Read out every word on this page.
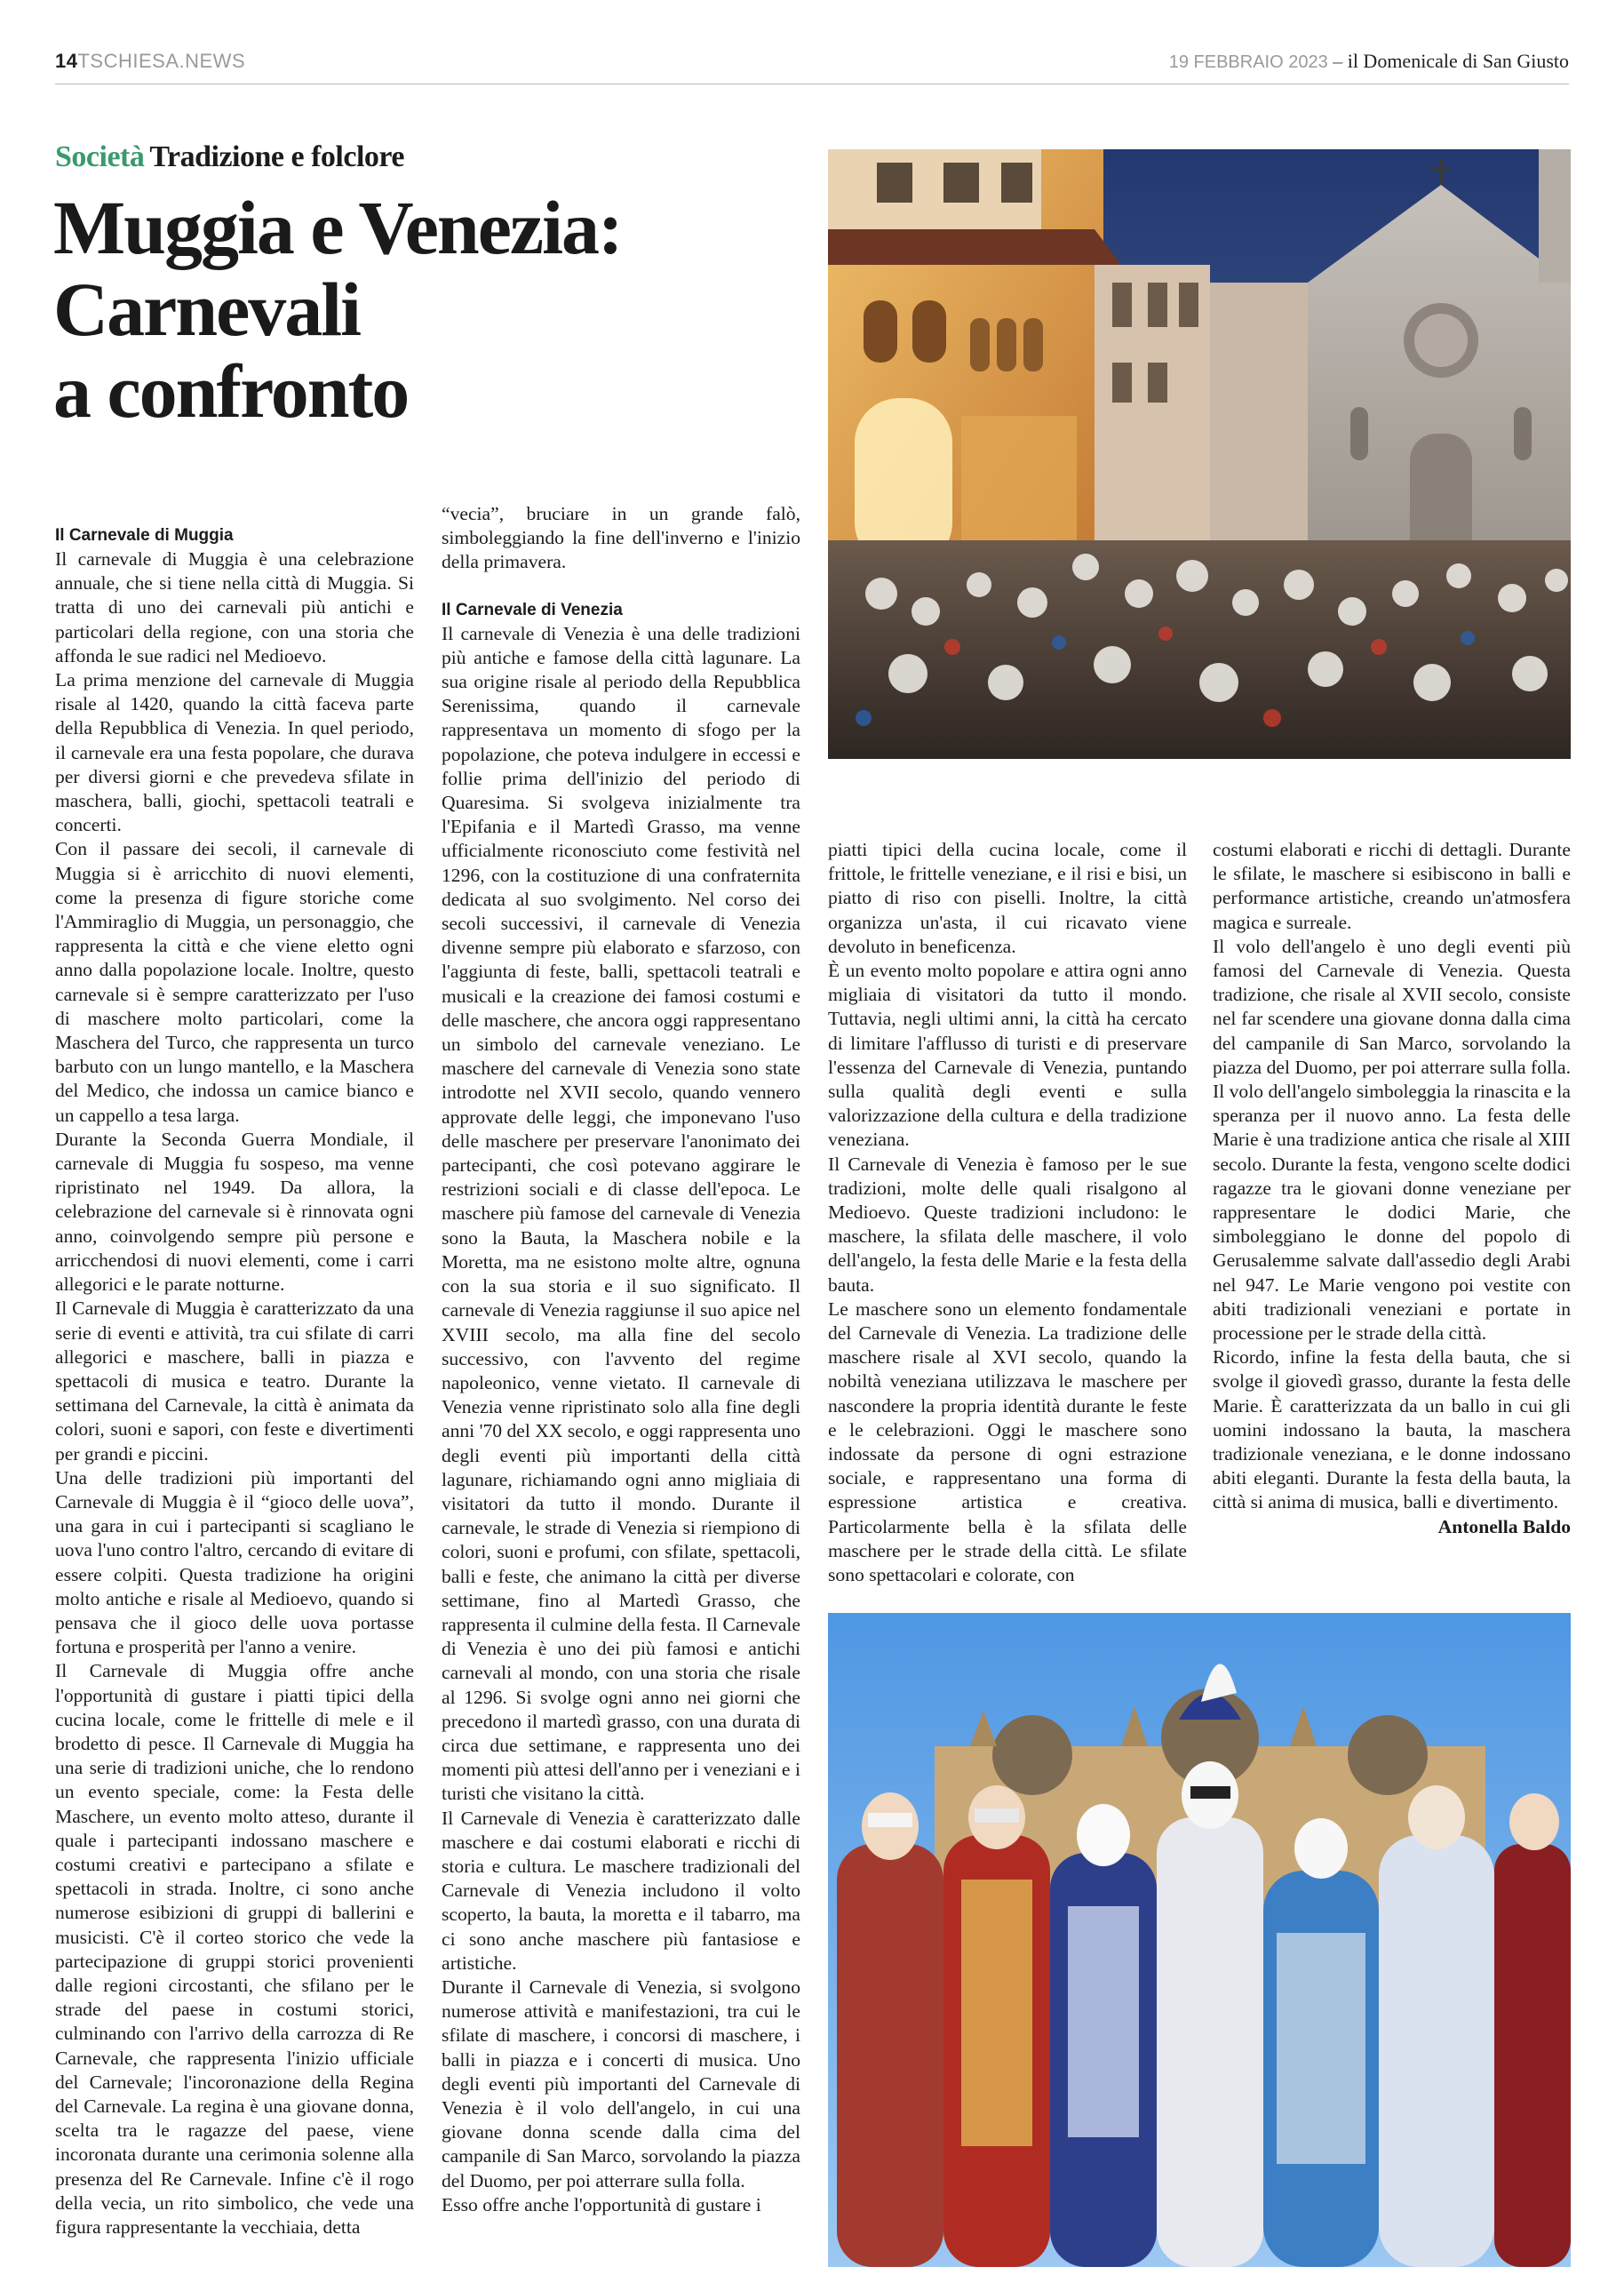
14TSCHIESA.NEWS	19 FEBBRAIO 2023 – il Domenicale di San Giusto
Società Tradizione e folclore
Muggia e Venezia:
Carnevali
a confronto

Il Carnevale di Muggia

Il carnevale di Muggia è una celebrazione annuale, che si tiene nella città di Muggia. Si tratta di uno dei carnevali più antichi e particolari della regione, con una storia che affonda le sue radici nel Medioevo.

La prima menzione del carnevale di Muggia risale al 1420, quando la città faceva parte della Repubblica di Venezia. In quel periodo, il carnevale era una festa popolare, che durava per diversi giorni e che prevedeva sfilate in maschera, balli, giochi, spettacoli teatrali e concerti.

Con il passare dei secoli, il carnevale di Muggia si è arricchito di nuovi elementi, come la presenza di figure storiche come l'Ammiraglio di Muggia, un personaggio, che rappresenta la città e che viene eletto ogni anno dalla popolazione locale. Inoltre, questo carnevale si è sempre caratterizzato per l'uso di maschere molto particolari, come la Maschera del Turco, che rappresenta un turco barbuto con un lungo mantello, e la Maschera del Medico, che indossa un camice bianco e un cappello a tesa larga.

Durante la Seconda Guerra Mondiale, il carnevale di Muggia fu sospeso, ma venne ripristinato nel 1949. Da allora, la celebrazione del carnevale si è rinnovata ogni anno, coinvolgendo sempre più persone e arricchendosi di nuovi elementi, come i carri allegorici e le parate notturne.

Il Carnevale di Muggia è caratterizzato da una serie di eventi e attività, tra cui sfilate di carri allegorici e maschere, balli in piazza e spettacoli di musica e teatro. Durante la settimana del Carnevale, la città è animata da colori, suoni e sapori, con feste e divertimenti per grandi e piccini.

Una delle tradizioni più importanti del Carnevale di Muggia è il “gioco delle uova”, una gara in cui i partecipanti si scagliano le uova l'uno contro l'altro, cercando di evitare di essere colpiti. Questa tradizione ha origini molto antiche e risale al Medioevo, quando si pensava che il gioco delle uova portasse fortuna e prosperità per l'anno a venire.

Il Carnevale di Muggia offre anche l'opportunità di gustare i piatti tipici della cucina locale, come le frittelle di mele e il brodetto di pesce. Il Carnevale di Muggia ha una serie di tradizioni uniche, che lo rendono un evento speciale, come: la Festa delle Maschere, un evento molto atteso, durante il quale i partecipanti indossano maschere e costumi creativi e partecipano a sfilate e spettacoli in strada. Inoltre, ci sono anche numerose esibizioni di gruppi di ballerini e musicisti. C'è il corteo storico che vede la partecipazione di gruppi storici provenienti dalle regioni circostanti, che sfilano per le strade del paese in costumi storici, culminando con l'arrivo della carrozza di Re Carnevale, che rappresenta l'inizio ufficiale del Carnevale; l'incoronazione della Regina del Carnevale. La regina è una giovane donna, scelta tra le ragazze del paese, viene incoronata durante una cerimonia solenne alla presenza del Re Carnevale. Infine c'è il rogo della vecia, un rito simbolico, che vede una figura rappresentante la vecchiaia, detta

“vecia”, bruciare in un grande falò, simboleggiando la fine dell'inverno e l'inizio della primavera.

Il Carnevale di Venezia

Il carnevale di Venezia è una delle tradizioni più antiche e famose della città lagunare. La sua origine risale al periodo della Repubblica Serenissima, quando il carnevale rappresentava un momento di sfogo per la popolazione, che poteva indulgere in eccessi e follie prima dell'inizio del periodo di Quaresima. Si svolgeva inizialmente tra l'Epifania e il Martedì Grasso, ma venne ufficialmente riconosciuto come festività nel 1296, con la costituzione di una confraternita dedicata al suo svolgimento. Nel corso dei secoli successivi, il carnevale di Venezia divenne sempre più elaborato e sfarzoso, con l'aggiunta di feste, balli, spettacoli teatrali e musicali e la creazione dei famosi costumi e delle maschere, che ancora oggi rappresentano un simbolo del carnevale veneziano. Le maschere del carnevale di Venezia sono state introdotte nel XVII secolo, quando vennero approvate delle leggi, che imponevano l'uso delle maschere per preservare l'anonimato dei partecipanti, che così potevano aggirare le restrizioni sociali e di classe dell'epoca. Le maschere più famose del carnevale di Venezia sono la Bauta, la Maschera nobile e la Moretta, ma ne esistono molte altre, ognuna con la sua storia e il suo significato. Il carnevale di Venezia raggiunse il suo apice nel XVIII secolo, ma alla fine del secolo successivo, con l'avvento del regime napoleonico, venne vietato. Il carnevale di Venezia venne ripristinato solo alla fine degli anni '70 del XX secolo, e oggi rappresenta uno degli eventi più importanti della città lagunare, richiamando ogni anno migliaia di visitatori da tutto il mondo. Durante il carnevale, le strade di Venezia si riempiono di colori, suoni e profumi, con sfilate, spettacoli, balli e feste, che animano la città per diverse settimane, fino al Martedì Grasso, che rappresenta il culmine della festa. Il Carnevale di Venezia è uno dei più famosi e antichi carnevali al mondo, con una storia che risale al 1296. Si svolge ogni anno nei giorni che precedono il martedì grasso, con una durata di circa due settimane, e rappresenta uno dei momenti più attesi dell'anno per i veneziani e i turisti che visitano la città.

Il Carnevale di Venezia è caratterizzato dalle maschere e dai costumi elaborati e ricchi di storia e cultura. Le maschere tradizionali del Carnevale di Venezia includono il volto scoperto, la bauta, la moretta e il tabarro, ma ci sono anche maschere più fantasiose e artistiche.

Durante il Carnevale di Venezia, si svolgono numerose attività e manifestazioni, tra cui le sfilate di maschere, i concorsi di maschere, i balli in piazza e i concerti di musica. Uno degli eventi più importanti del Carnevale di Venezia è il volo dell'angelo, in cui una giovane donna scende dalla cima del campanile di San Marco, sorvolando la piazza del Duomo, per poi atterrare sulla folla.

Esso offre anche l'opportunità di gustare i

piatti tipici della cucina locale, come il frittole, le frittelle veneziane, e il risi e bisi, un piatto di riso con piselli. Inoltre, la città organizza un'asta, il cui ricavato viene devoluto in beneficenza.

È un evento molto popolare e attira ogni anno migliaia di visitatori da tutto il mondo. Tuttavia, negli ultimi anni, la città ha cercato di limitare l'afflusso di turisti e di preservare l'essenza del Carnevale di Venezia, puntando sulla qualità degli eventi e sulla valorizzazione della cultura e della tradizione veneziana.

Il Carnevale di Venezia è famoso per le sue tradizioni, molte delle quali risalgono al Medioevo. Queste tradizioni includono: le maschere, la sfilata delle maschere, il volo dell'angelo, la festa delle Marie e la festa della bauta.

Le maschere sono un elemento fondamentale del Carnevale di Venezia. La tradizione delle maschere risale al XVI secolo, quando la nobiltà veneziana utilizzava le maschere per nascondere la propria identità durante le feste e le celebrazioni. Oggi le maschere sono indossate da persone di ogni estrazione sociale, e rappresentano una forma di espressione artistica e creativa. Particolarmente bella è la sfilata delle maschere per le strade della città. Le sfilate sono spettacolari e colorate, con

costumi elaborati e ricchi di dettagli. Durante le sfilate, le maschere si esibiscono in balli e performance artistiche, creando un'atmosfera magica e surreale.

Il volo dell'angelo è uno degli eventi più famosi del Carnevale di Venezia. Questa tradizione, che risale al XVII secolo, consiste nel far scendere una giovane donna dalla cima del campanile di San Marco, sorvolando la piazza del Duomo, per poi atterrare sulla folla. Il volo dell'angelo simboleggia la rinascita e la speranza per il nuovo anno. La festa delle Marie è una tradizione antica che risale al XIII secolo. Durante la festa, vengono scelte dodici ragazze tra le giovani donne veneziane per rappresentare le dodici Marie, che simboleggiano le donne del popolo di Gerusalemme salvate dall'assedio degli Arabi nel 947. Le Marie vengono poi vestite con abiti tradizionali veneziani e portate in processione per le strade della città.

Ricordo, infine la festa della bauta, che si svolge il giovedì grasso, durante la festa delle Marie. È caratterizzata da un ballo in cui gli uomini indossano la bauta, la maschera tradizionale veneziana, e le donne indossano abiti eleganti. Durante la festa della bauta, la città si anima di musica, balli e divertimento.

Antonella Baldo
